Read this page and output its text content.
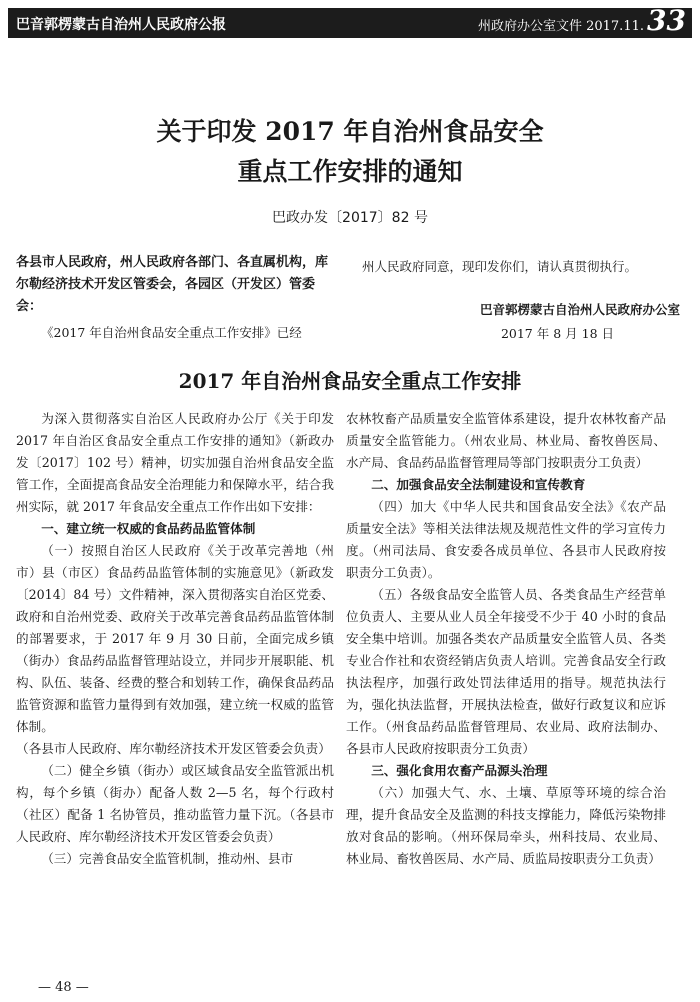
巴音郭楞蒙古自治州人民政府公报	州政府办公室文件 2017.11. 33
关于印发 2017 年自治州食品安全
重点工作安排的通知
巴政办发〔2017〕82 号
各县市人民政府，州人民政府各部门、各直属机构，库尔勒经济技术开发区管委会，各园区（开发区）管委会：
《2017 年自治州食品安全重点工作安排》已经
州人民政府同意，现印发你们，请认真贯彻执行。
巴音郭楞蒙古自治州人民政府办公室
2017 年 8 月 18 日
2017 年自治州食品安全重点工作安排

为深入贯彻落实自治区人民政府办公厅《关于印发 2017 年自治区食品安全重点工作安排的通知》（新政办发〔2017〕102 号）精神，切实加强自治州食品安全监管工作，全面提高食品安全治理能力和保障水平，结合我州实际，就 2017 年食品安全重点工作作出如下安排：

一、建立统一权威的食品药品监管体制

（一）按照自治区人民政府《关于改革完善地（州市）县（市区）食品药品监管体制的实施意见》（新政发〔2014〕84 号）文件精神，深入贯彻落实自治区党委、政府和自治州党委、政府关于改革完善食品药品监管体制的部署要求，于 2017 年 9 月 30 日前，全面完成乡镇（街办）食品药品监督管理站设立，并同步开展职能、机构、队伍、装备、经费的整合和划转工作，确保食品药品监管资源和监管力量得到有效加强，建立统一权威的监管体制。

（各县市人民政府、库尔勒经济技术开发区管委会负责）

（二）健全乡镇（街办）或区域食品安全监管派出机构，每个乡镇（街办）配备人数 2—5 名，每个行政村（社区）配备 1 名协管员，推动监管力量下沉。（各县市人民政府、库尔勒经济技术开发区管委会负责）

（三）完善食品安全监管机制，推动州、县市

农林牧畜产品质量安全监管体系建设，提升农林牧畜产品质量安全监管能力。（州农业局、林业局、畜牧兽医局、水产局、食品药品监督管理局等部门按职责分工负责）

二、加强食品安全法制建设和宣传教育

（四）加大《中华人民共和国食品安全法》《农产品质量安全法》等相关法律法规及规范性文件的学习宣传力度。（州司法局、食安委各成员单位、各县市人民政府按职责分工负责）。

（五）各级食品安全监管人员、各类食品生产经营单位负责人、主要从业人员全年接受不少于 40 小时的食品安全集中培训。加强各类农产品质量安全监管人员、各类专业合作社和农资经销店负责人培训。完善食品安全行政执法程序，加强行政处罚法律适用的指导。规范执法行为，强化执法监督，开展执法检查，做好行政复议和应诉工作。（州食品药品监督管理局、农业局、政府法制办、各县市人民政府按职责分工负责）

三、强化食用农畜产品源头治理

（六）加强大气、水、土壤、草原等环境的综合治理，提升食品安全及监测的科技支撑能力，降低污染物排放对食品的影响。（州环保局牵头，州科技局、农业局、林业局、畜牧兽医局、水产局、质监局按职责分工负责）

— 48 —
